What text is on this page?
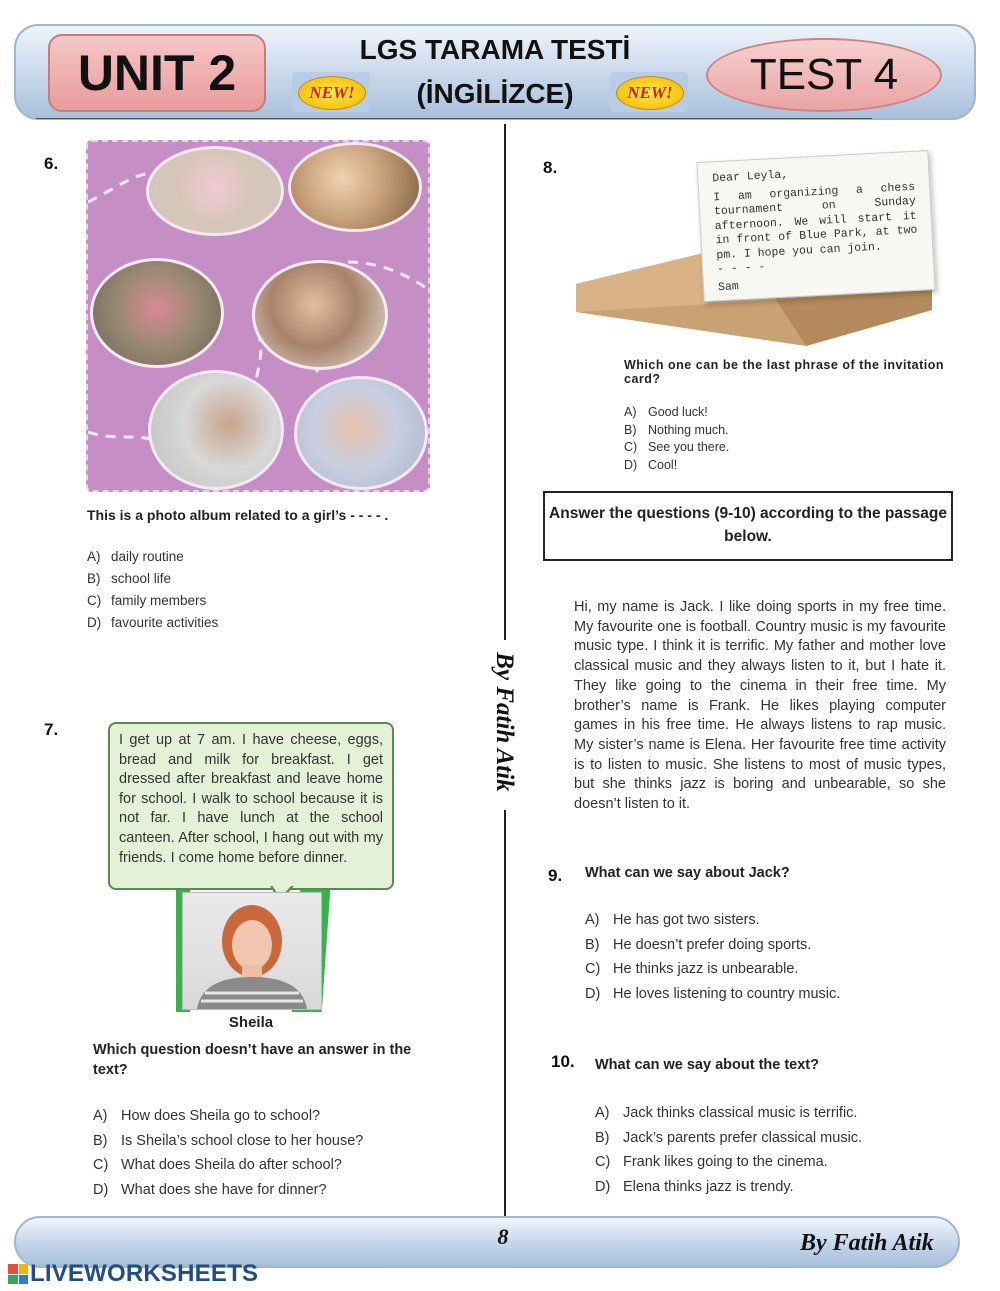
UNIT 2	LGS TARAMA TESTİ
(İNGİLİZCE)
NEW!	NEW!	TEST 4
By Fatih Atik
6.
This is a photo album related to a girl’s - - - - .
A) daily routine
B) school life
C) family members
D) favourite activities
7.
I get up at 7 am. I have cheese, eggs, bread and milk for breakfast. I get dressed after breakfast and leave home for school. I walk to school because it is not far. I have lunch at the school canteen. After school, I hang out with my friends. I come home before dinner.
Sheila
Which question doesn’t have an answer in the text?
A) How does Sheila go to school?
B) Is Sheila’s school close to her house?
C) What does Sheila do after school?
D) What does she have for dinner?
8.	Dear Leyla,
I am organizing a chess tournament on Sunday afternoon. We will start it in front of Blue Park, at two pm. I hope you can join.
- - - -
Sam
Which one can be the last phrase of the invitation card?
A) Good luck!
B) Nothing much.
C) See you there.
D) Cool!
Answer the questions (9-10) according to the passage below.
Hi, my name is Jack. I like doing sports in my free time. My favourite one is football. Country music is my favourite music type. I think it is terrific. My father and mother love classical music and they always listen to it, but I hate it. They like going to the cinema in their free time. My brother’s name is Frank. He likes playing computer games in his free time. He always listens to rap music. My sister’s name is Elena. Her favourite free time activity is to listen to music. She listens to most of music types, but she thinks jazz is boring and unbearable, so she doesn’t listen to it.
9. What can we say about Jack?
A) He has got two sisters.
B) He doesn’t prefer doing sports.
C) He thinks jazz is unbearable.
D) He loves listening to country music.
10. What can we say about the text?
A) Jack thinks classical music is terrific.
B) Jack’s parents prefer classical music.
C) Frank likes going to the cinema.
D) Elena thinks jazz is trendy.
8	By Fatih Atik
LIVEWORKSHEETS
